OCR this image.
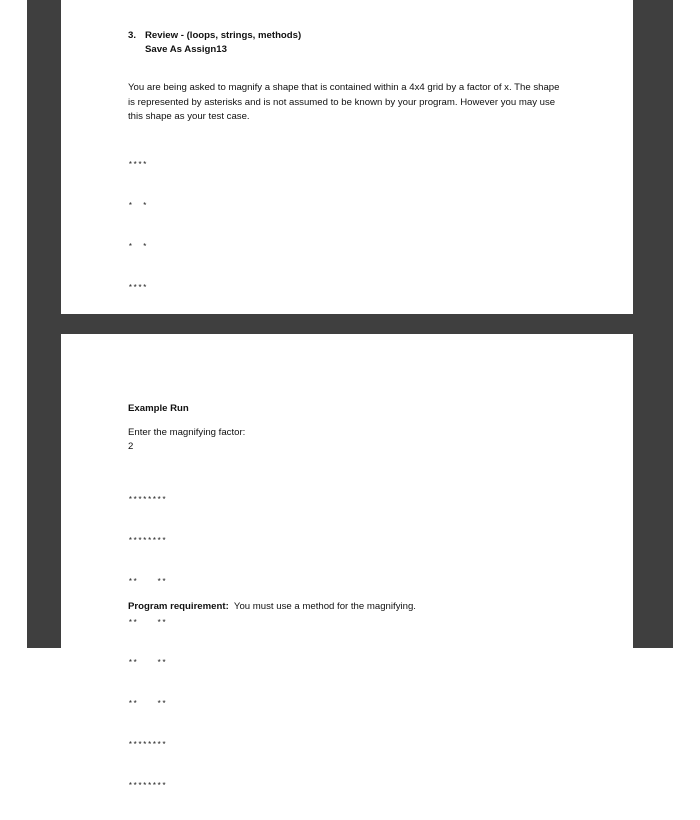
3. Review - (loops, strings, methods)
Save As Assign13
You are being asked to magnify a shape that is contained within a 4x4 grid by a factor of x. The shape is represented by asterisks and is not assumed to be known by your program. However you may use this shape as your test case.

****

*  *

*  *

****

Example Run
Enter the magnifying factor:
2

********

********

**    **

**    **

**    **

**    **

********

********

Program requirement:  You must use a method for the magnifying.
